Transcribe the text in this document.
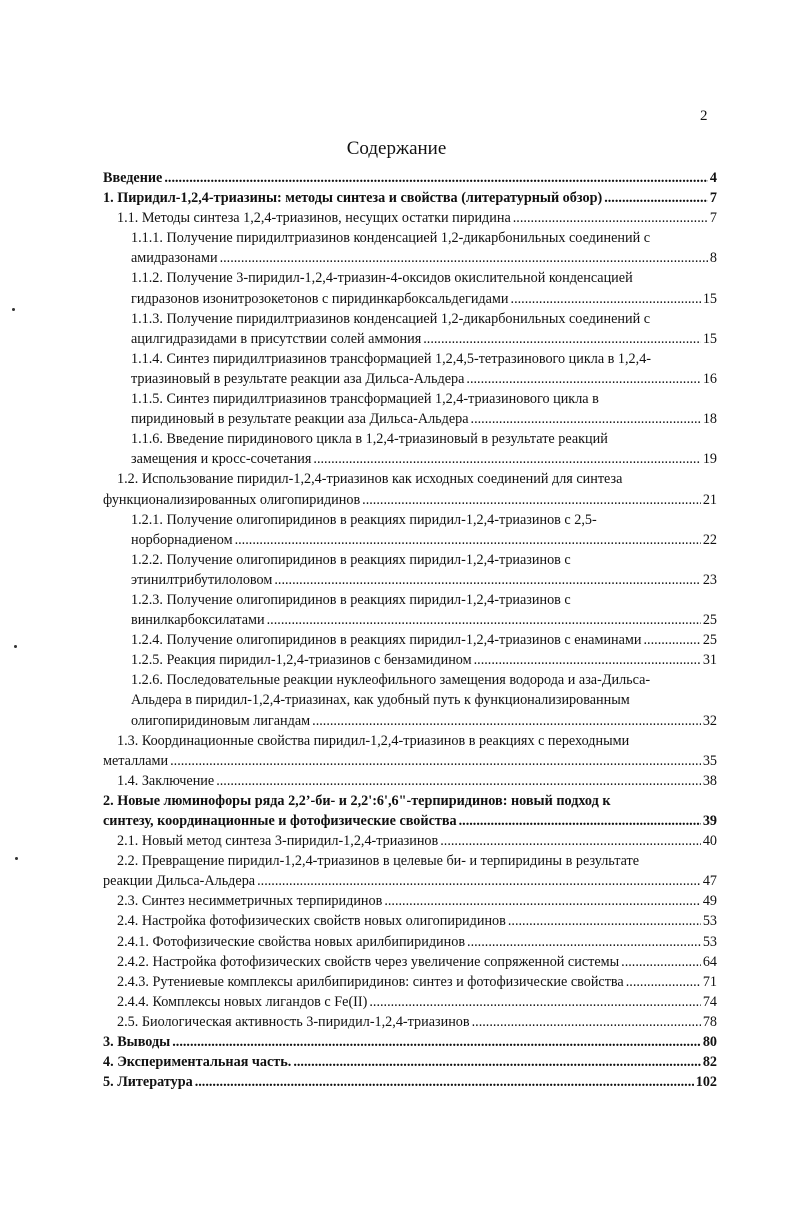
2
Содержание
Введение .....	4
1. Пиридил-1,2,4-триазины: методы синтеза и свойства (литературный обзор) .....	7
1.1. Методы синтеза 1,2,4-триазинов, несущих остатки пиридина .....	7
1.1.1. Получение пиридилтриазинов конденсацией 1,2-дикарбонильных соединений с
амидразонами .....	8
1.1.2. Получение 3-пиридил-1,2,4-триазин-4-оксидов окислительной конденсацией
гидразонов изонитрозокетонов с пиридинкарбоксальдегидами .....	15
1.1.3. Получение пиридилтриазинов конденсацией 1,2-дикарбонильных соединений с
ацилгидразидами в присутствии солей аммония .....	15
1.1.4. Синтез пиридилтриазинов трансформацией 1,2,4,5-тетразинового цикла в 1,2,4-
триазиновый в результате реакции аза Дильса-Альдера .....	16
1.1.5. Синтез пиридилтриазинов трансформацией 1,2,4-триазинового цикла в
пиридиновый в результате реакции аза Дильса-Альдера .....	18
1.1.6. Введение пиридинового цикла в 1,2,4-триазиновый в результате реакций
замещения и кросс-сочетания .....	19
1.2. Использование пиридил-1,2,4-триазинов как исходных соединений для синтеза
функционализированных олигопиридинов .....	21
1.2.1. Получение олигопиридинов в реакциях пиридил-1,2,4-триазинов с 2,5-
норборнадиеном .....	22
1.2.2. Получение олигопиридинов в реакциях пиридил-1,2,4-триазинов с
этинилтрибутилоловом .....	23
1.2.3. Получение олигопиридинов в реакциях пиридил-1,2,4-триазинов с
винилкарбоксилатами .....	25
1.2.4. Получение олигопиридинов в реакциях пиридил-1,2,4-триазинов с енаминами .....	25
1.2.5. Реакция пиридил-1,2,4-триазинов с бензамидином .....	31
1.2.6. Последовательные реакции нуклеофильного замещения водорода и аза-Дильса-
Альдера в пиридил-1,2,4-триазинах, как удобный путь к функционализированным
олигопиридиновым лигандам .....	32
1.3. Координационные свойства пиридил-1,2,4-триазинов в реакциях с переходными
металлами .....	35
1.4. Заключение .....	38
2. Новые люминофоры ряда 2,2’-би- и 2,2':6',6"-терпиридинов: новый подход к
синтезу, координационные и фотофизические свойства .....	39
2.1. Новый метод синтеза 3-пиридил-1,2,4-триазинов .....	40
2.2. Превращение пиридил-1,2,4-триазинов в целевые би- и терпиридины в результате
реакции Дильса-Альдера .....	47
2.3. Синтез несимметричных терпиридинов .....	49
2.4. Настройка фотофизических свойств новых олигопиридинов .....	53
2.4.1. Фотофизические свойства новых арилбипиридинов .....	53
2.4.2. Настройка фотофизических свойств через увеличение сопряженной системы .....	64
2.4.3. Рутениевые комплексы арилбипиридинов: синтез и фотофизические свойства .....	71
2.4.4. Комплексы новых лигандов с Fe(II) .....	74
2.5. Биологическая активность 3-пиридил-1,2,4-триазинов .....	78
3. Выводы .....	80
4. Экспериментальная часть. .....	82
5. Литература .....	102
